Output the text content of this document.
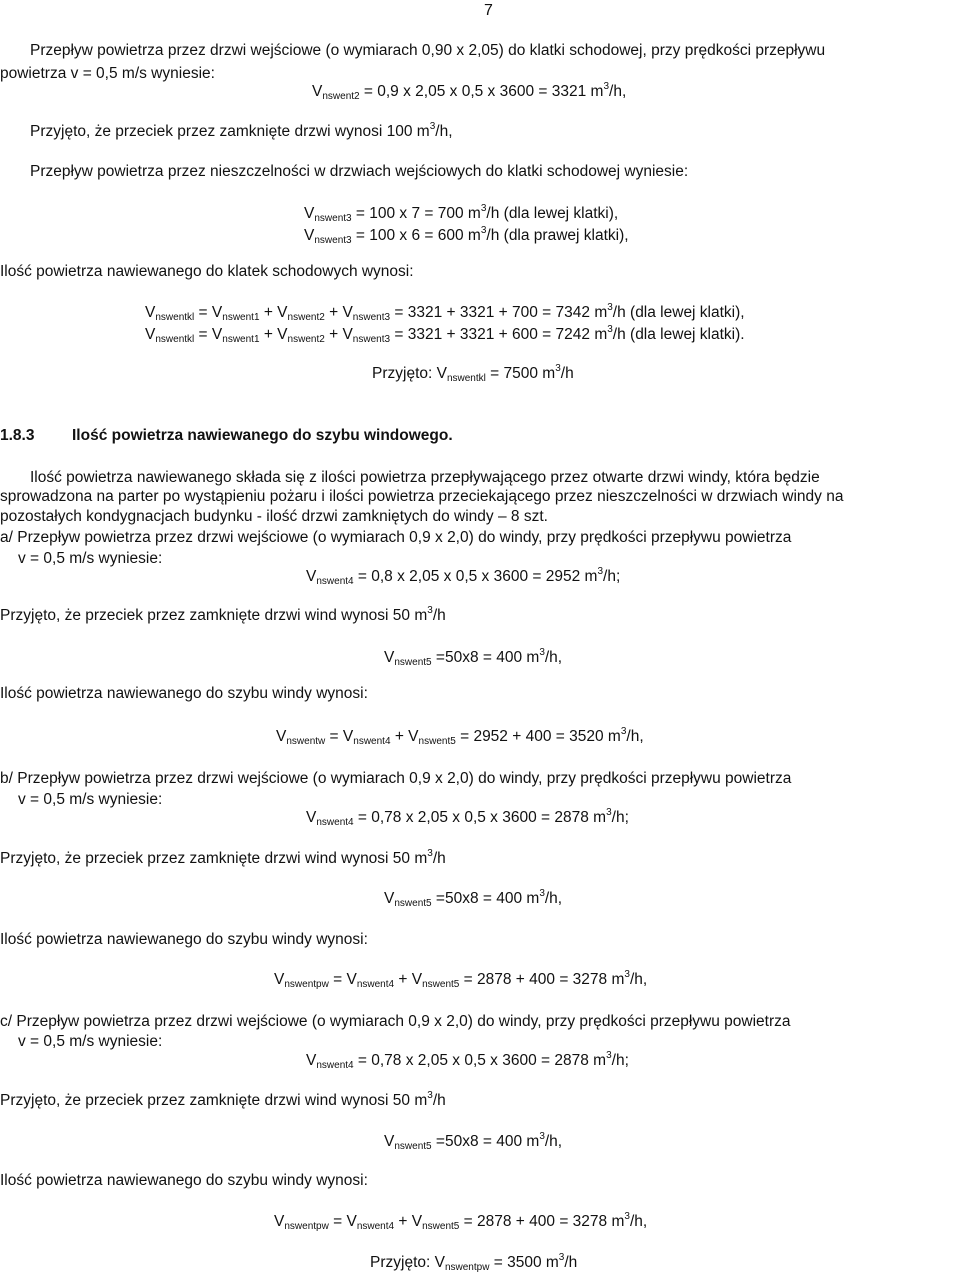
7
Przepływ powietrza przez drzwi wejściowe (o wymiarach 0,90 x 2,05) do klatki schodowej, przy prędkości przepływu
powietrza v = 0,5 m/s wyniesie:
$V_{nswent2} = 0,9$ x 2,05 x 0,5 x 3600 = 3321 $m^3/h$,
Przyjęto, że przeciek przez zamknięte drzwi wynosi 100 $m^3/h$,
Przepływ powietrza przez nieszczelności w drzwiach wejściowych do klatki schodowej wyniesie:
$V_{nswent3} = 100$ x 7 = 700 $m^3/h$ (dla lewej klatki),
$V_{nswent3} = 100$ x 6 = 600 $m^3/h$ (dla prawej klatki),
Ilość powietrza nawiewanego do klatek schodowych wynosi:
$V_{nswentkl} = V_{nswent1} + V_{nswent2} + V_{nswent3} = 3321 + 3321 + 700 = 7342$ $m^3/h$ (dla lewej klatki),
$V_{nswentkl} = V_{nswent1} + V_{nswent2} + V_{nswent3} = 3321 + 3321 + 600 = 7242$ $m^3/h$ (dla lewej klatki).
Przyjęto: $V_{nswentkl} = 7500$ $m^3/h$
1.8.3 Ilość powietrza nawiewanego do szybu windowego.
Ilość powietrza nawiewanego składa się z ilości powietrza przepływającego przez otwarte drzwi windy, która będzie
sprowadzona na parter po wystąpieniu pożaru i ilości powietrza przeciekającego przez nieszczelności w drzwiach windy na
pozostałych kondygnacjach budynku - ilość drzwi zamkniętych do windy – 8 szt.
a/ Przepływ powietrza przez drzwi wejściowe (o wymiarach 0,9 x 2,0) do windy, przy prędkości przepływu powietrza
v = 0,5 m/s wyniesie:
$V_{nswent4} = 0,8$ x 2,05 x 0,5 x 3600 = 2952 $m^3/h$;
Przyjęto, że przeciek przez zamknięte drzwi wind wynosi 50 $m^3/h$
$V_{nswent5} =50x8 = 400$ $m^3/h$,
Ilość powietrza nawiewanego do szybu windy wynosi:
$V_{nswentw} = V_{nswent4} + V_{nswent5} = 2952 + 400 = 3520$ $m^3/h$,
b/ Przepływ powietrza przez drzwi wejściowe (o wymiarach 0,9 x 2,0) do windy, przy prędkości przepływu powietrza
v = 0,5 m/s wyniesie:
$V_{nswent4} = 0,78$ x 2,05 x 0,5 x 3600 = 2878 $m^3/h$;
Przyjęto, że przeciek przez zamknięte drzwi wind wynosi 50 $m^3/h$
$V_{nswent5} =50x8 = 400$ $m^3/h$,
Ilość powietrza nawiewanego do szybu windy wynosi:
$V_{nswentpw} = V_{nswent4} + V_{nswent5} = 2878 + 400 = 3278$ $m^3/h$,
c/ Przepływ powietrza przez drzwi wejściowe (o wymiarach 0,9 x 2,0) do windy, przy prędkości przepływu powietrza
v = 0,5 m/s wyniesie:
$V_{nswent4} = 0,78$ x 2,05 x 0,5 x 3600 = 2878 $m^3/h$;
Przyjęto, że przeciek przez zamknięte drzwi wind wynosi 50 $m^3/h$
$V_{nswent5} =50x8 = 400$ $m^3/h$,
Ilość powietrza nawiewanego do szybu windy wynosi:
$V_{nswentpw} = V_{nswent4} + V_{nswent5} = 2878 + 400 = 3278$ $m^3/h$,
Przyjęto: $V_{nswentpw} = 3500$ $m^3/h$
